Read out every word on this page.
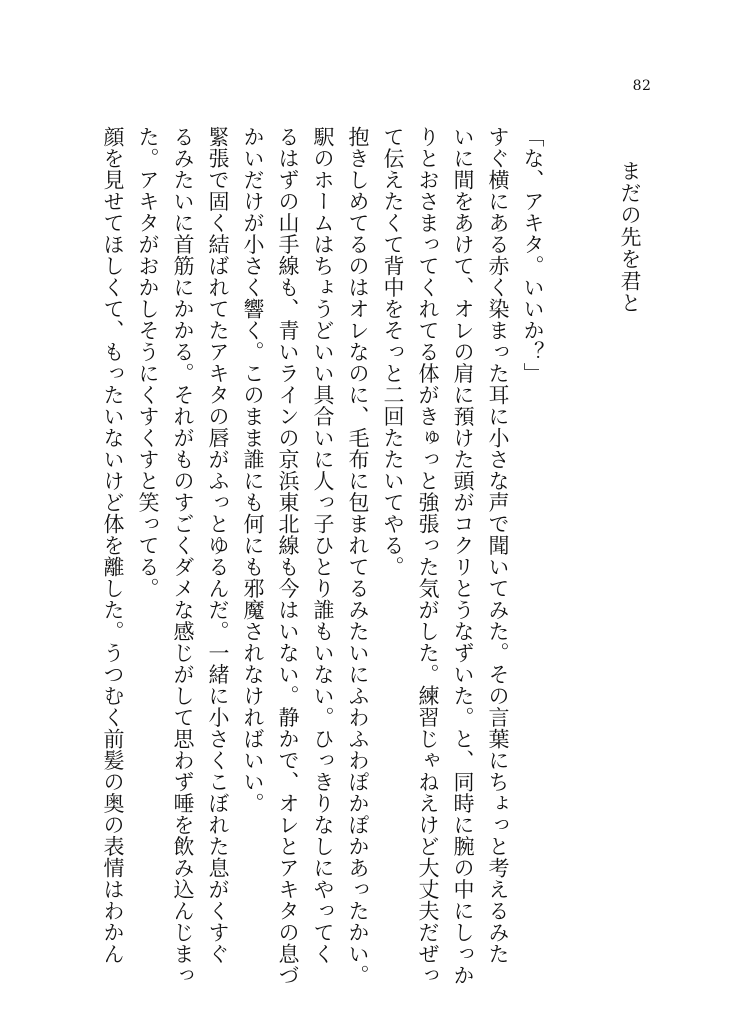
82
まだの先を君と
「な、アキタ。いいか？」
すぐ横にある赤く染まった耳に小さな声で聞いてみた。その言葉にちょっと考えるみた
いに間をあけて、オレの肩に預けた頭がコクリとうなずいた。と、同時に腕の中にしっか
りとおさまってくれてる体がきゅっと強張った気がした。練習じゃねえけど大丈夫だぜっ
て伝えたくて背中をそっと二回たたいてやる。
抱きしめてるのはオレなのに、毛布に包まれてるみたいにふわふわぽかぽかあったかい。
駅のホームはちょうどいい具合いに人っ子ひとり誰もいない。ひっきりなしにやってく
るはずの山手線も、青いラインの京浜東北線も今はいない。静かで、オレとアキタの息づ
かいだけが小さく響く。このまま誰にも何にも邪魔されなければいい。
緊張で固く結ばれてたアキタの唇がふっとゆるんだ。一緒に小さくこぼれた息がくすぐ
るみたいに首筋にかかる。それがものすごくダメな感じがして思わず唾を飲み込んじまっ
た。アキタがおかしそうにくすくすと笑ってる。
顔を見せてほしくて、もったいないけど体を離した。うつむく前髪の奥の表情はわかん
